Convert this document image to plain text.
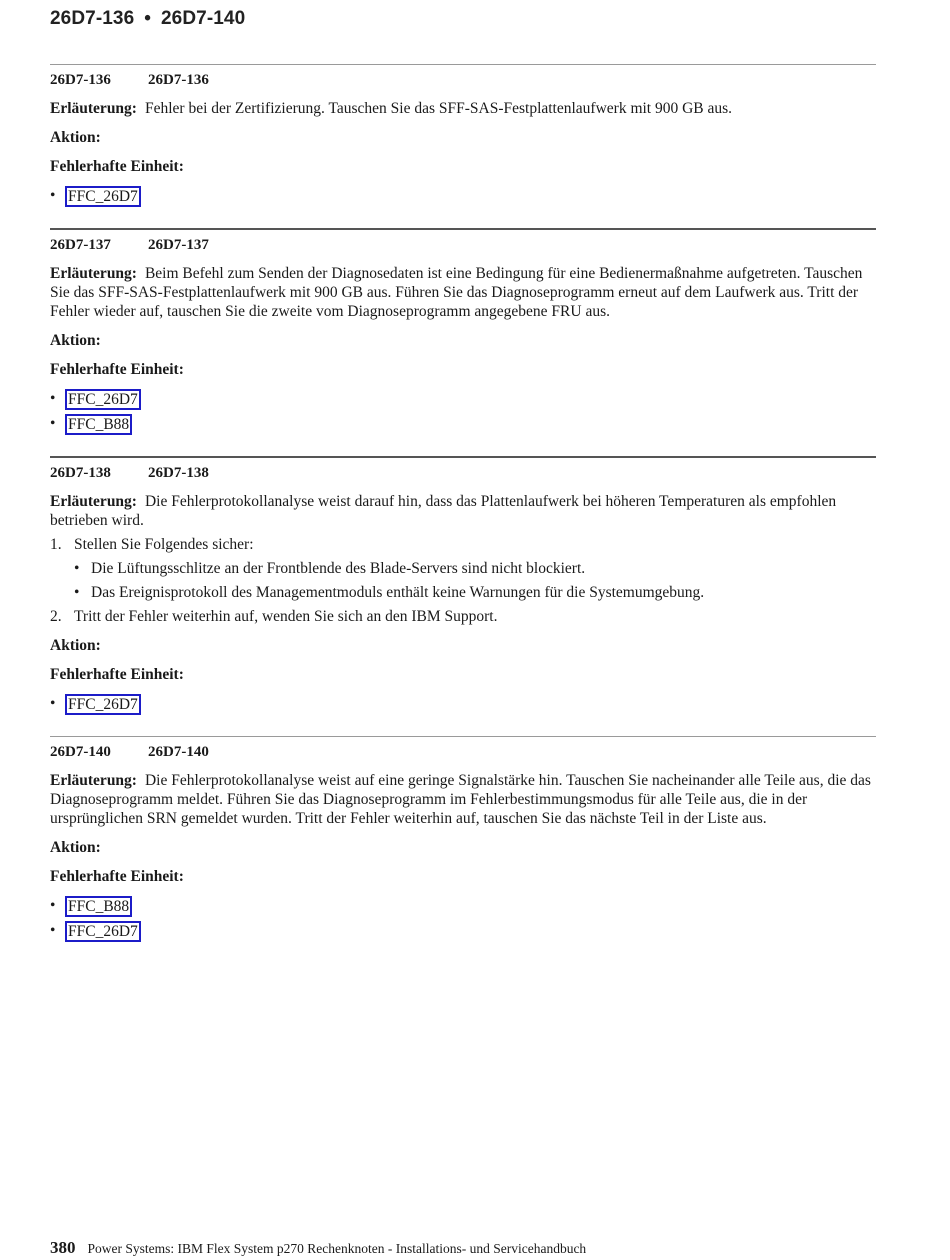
26D7-136 • 26D7-140
26D7-136 26D7-136

Erläuterung: Fehler bei der Zertifizierung. Tauschen Sie das SFF-SAS-Festplattenlaufwerk mit 900 GB aus.

Aktion:

Fehlerhafte Einheit:

• FFC_26D7
26D7-137 26D7-137

Erläuterung: Beim Befehl zum Senden der Diagnosedaten ist eine Bedingung für eine Bedienermaßnahme aufgetreten. Tauschen Sie das SFF-SAS-Festplattenlaufwerk mit 900 GB aus. Führen Sie das Diagnoseprogramm erneut auf dem Laufwerk aus. Tritt der Fehler wieder auf, tauschen Sie die zweite vom Diagnoseprogramm angegebene FRU aus.

Aktion:

Fehlerhafte Einheit:

• FFC_26D7
• FFC_B88
26D7-138 26D7-138

Erläuterung: Die Fehlerprotokollanalyse weist darauf hin, dass das Plattenlaufwerk bei höheren Temperaturen als empfohlen betrieben wird.

1. Stellen Sie Folgendes sicher:
• Die Lüftungsschlitze an der Frontblende des Blade-Servers sind nicht blockiert.
• Das Ereignisprotokoll des Managementmoduls enthält keine Warnungen für die Systemumgebung.
2. Tritt der Fehler weiterhin auf, wenden Sie sich an den IBM Support.

Aktion:

Fehlerhafte Einheit:

• FFC_26D7
26D7-140 26D7-140

Erläuterung: Die Fehlerprotokollanalyse weist auf eine geringe Signalstärke hin. Tauschen Sie nacheinander alle Teile aus, die das Diagnoseprogramm meldet. Führen Sie das Diagnoseprogramm im Fehlerbestimmungsmodus für alle Teile aus, die in der ursprünglichen SRN gemeldet wurden. Tritt der Fehler weiterhin auf, tauschen Sie das nächste Teil in der Liste aus.

Aktion:

Fehlerhafte Einheit:

• FFC_B88
• FFC_26D7
380 Power Systems: IBM Flex System p270 Rechenknoten - Installations- und Servicehandbuch
